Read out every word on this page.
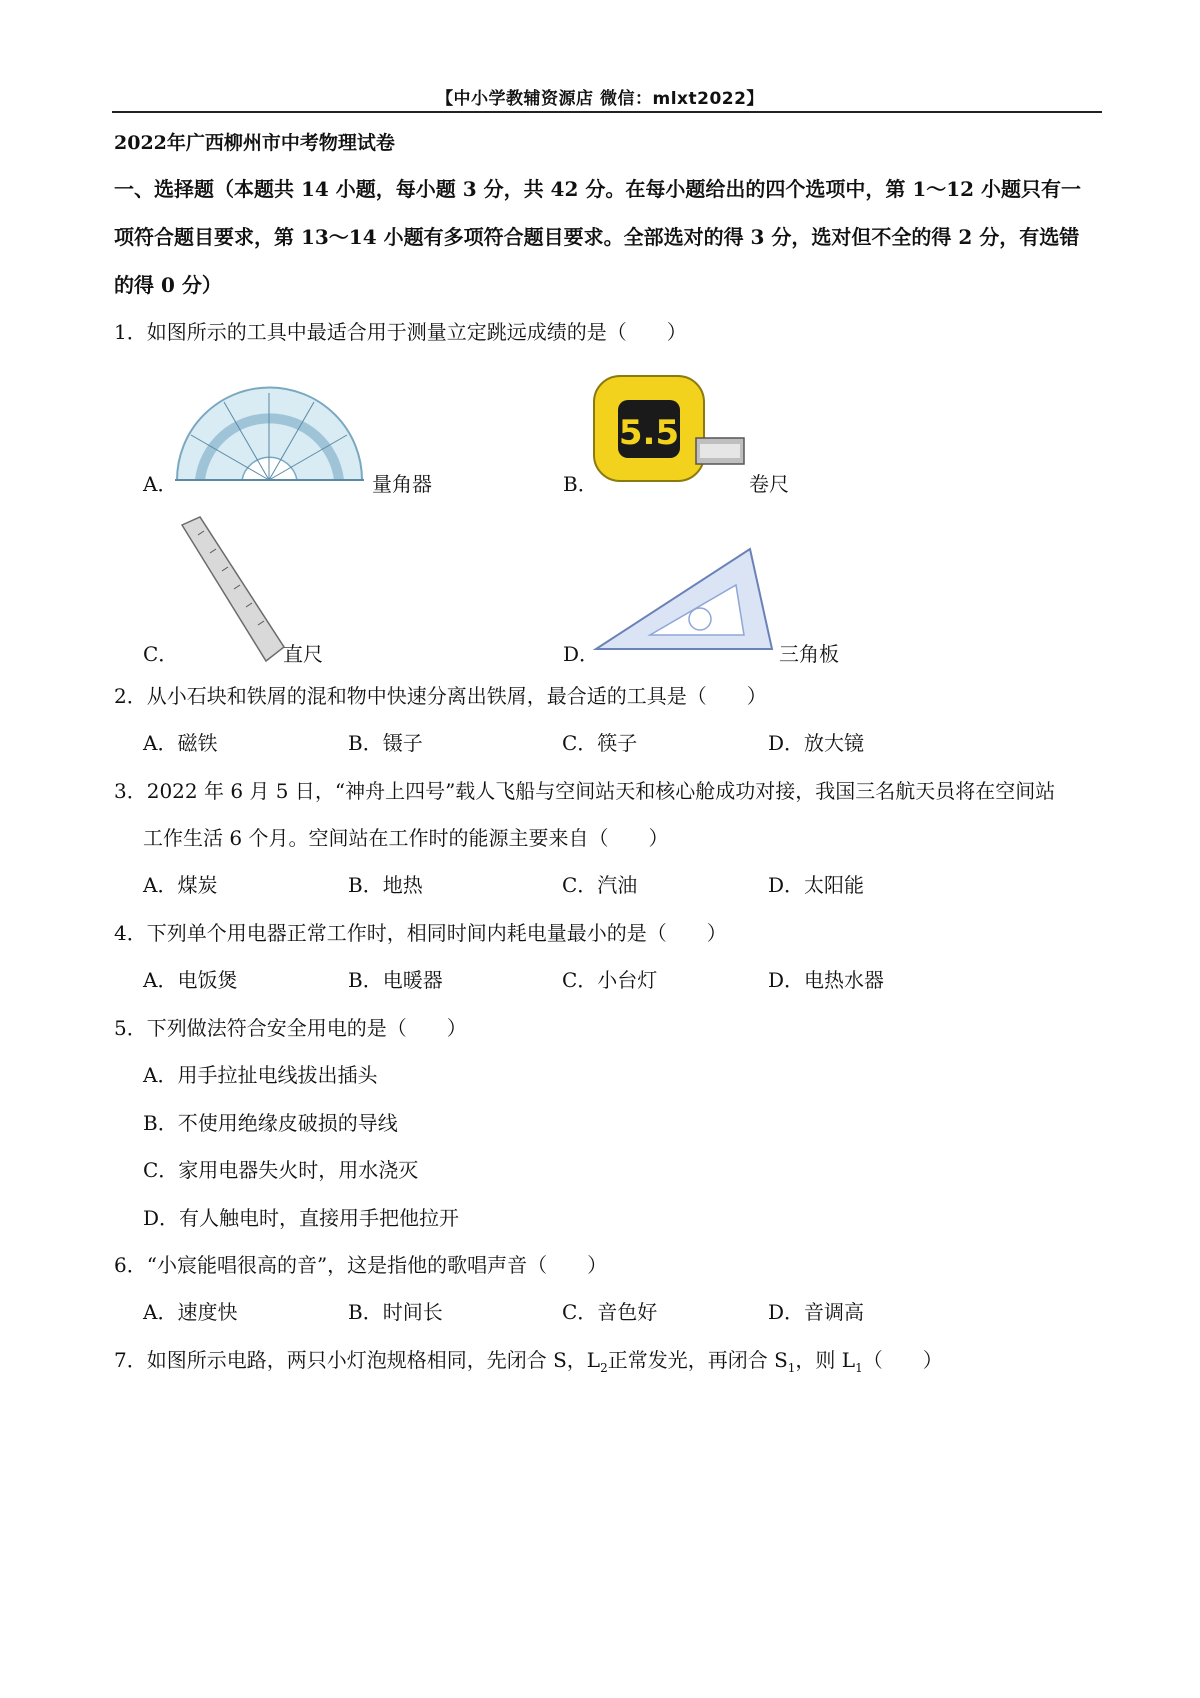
【中小学教辅资源店 微信：mlxt2022】
2022年广西柳州市中考物理试卷
一、选择题（本题共 14 小题，每小题 3 分，共 42 分。在每小题给出的四个选项中，第 1～12 小题只有一
项符合题目要求，第 13～14 小题有多项符合题目要求。全部选对的得 3 分，选对但不全的得 2 分，有选错
的得 0 分）
1．如图所示的工具中最适合用于测量立定跳远成绩的是（　　）
A．	量角器	B．
5.5
卷尺
C．	直尺	D．	三角板
2．从小石块和铁屑的混和物中快速分离出铁屑，最合适的工具是（　　）
A．磁铁	B．镊子	C．筷子	D．放大镜
3．2022 年 6 月 5 日，“神舟上四号”载人飞船与空间站天和核心舱成功对接，我国三名航天员将在空间站
工作生活 6 个月。空间站在工作时的能源主要来自（　　）
A．煤炭	B．地热	C．汽油	D．太阳能
4．下列单个用电器正常工作时，相同时间内耗电量最小的是（　　）
A．电饭煲	B．电暖器	C．小台灯	D．电热水器
5．下列做法符合安全用电的是（　　）
A．用手拉扯电线拔出插头
B．不使用绝缘皮破损的导线
C．家用电器失火时，用水浇灭
D．有人触电时，直接用手把他拉开
6．“小宸能唱很高的音”，这是指他的歌唱声音（　　）
A．速度快	B．时间长	C．音色好	D．音调高
7．如图所示电路，两只小灯泡规格相同，先闭合 S，$L_2$正常发光，再闭合 $S_1$，则 $L_1$（　　）
